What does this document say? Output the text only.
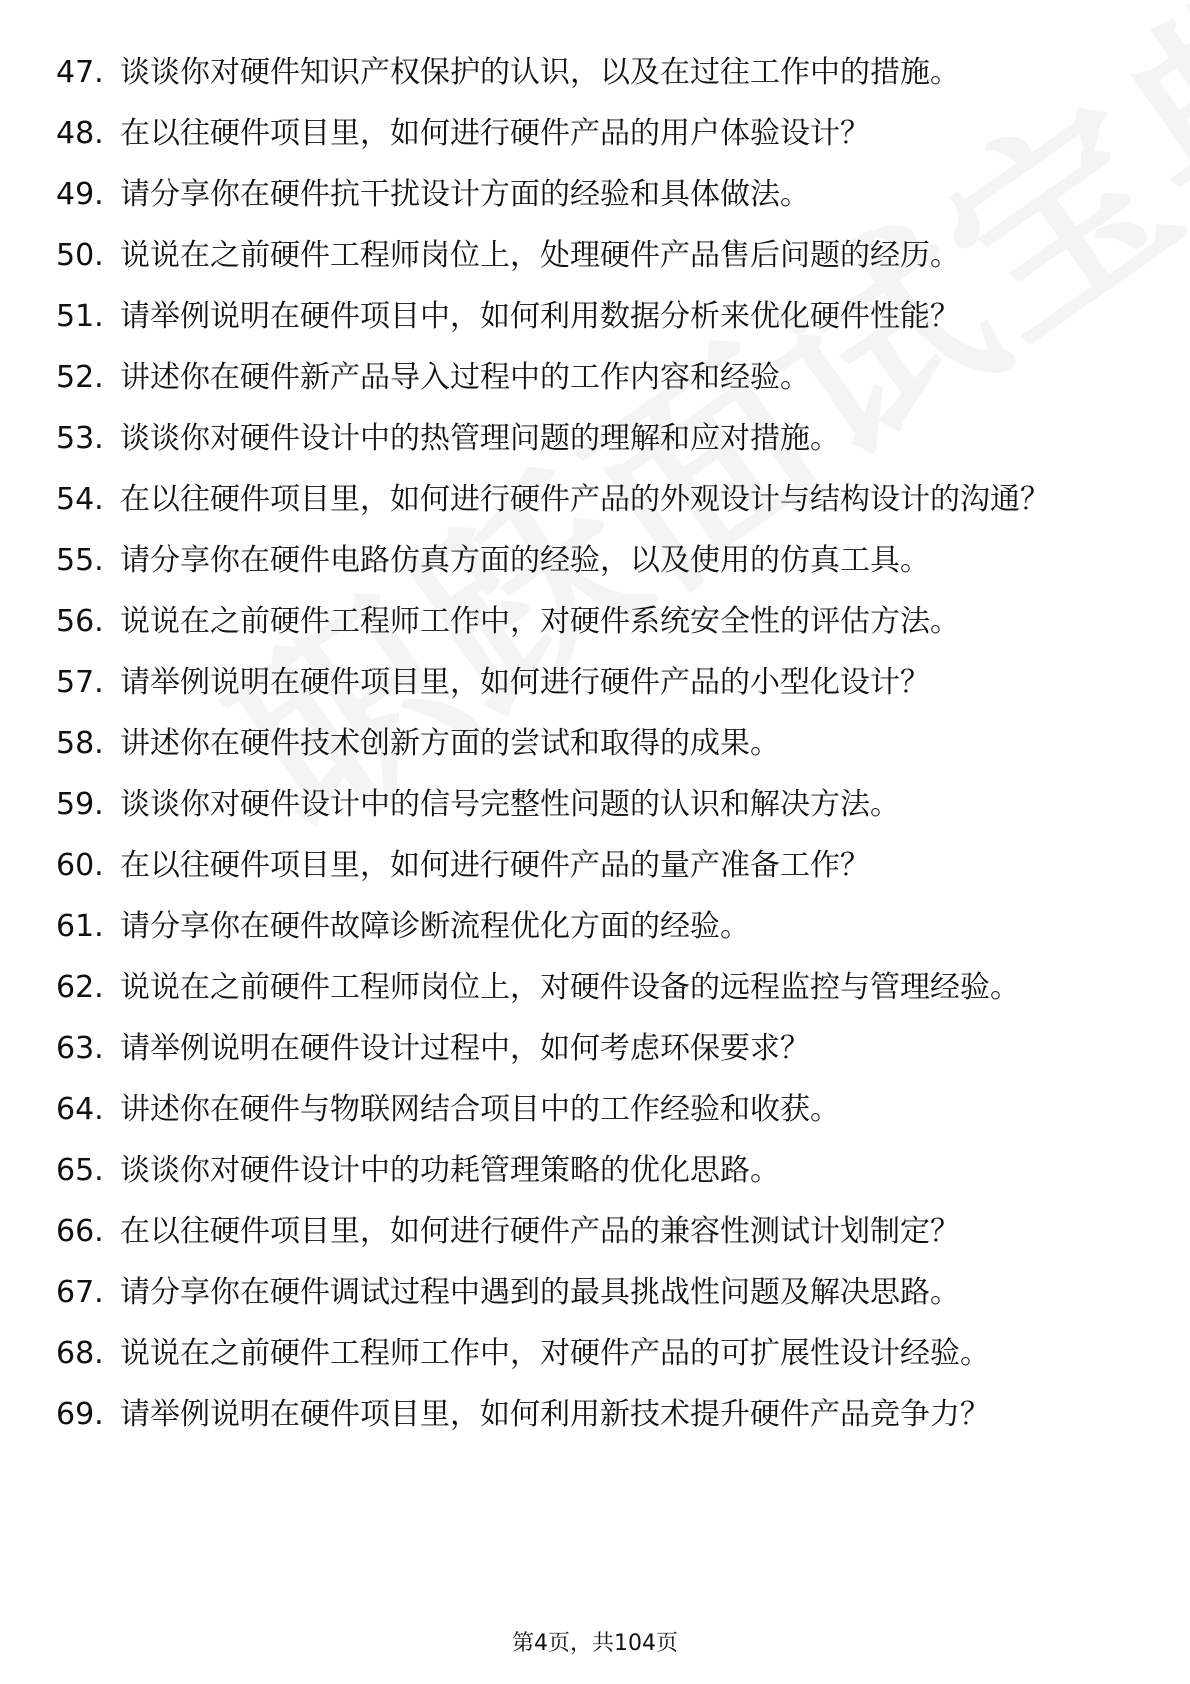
47. 谈谈你对硬件知识产权保护的认识，以及在过往工作中的措施。
48. 在以往硬件项目里，如何进行硬件产品的用户体验设计？
49. 请分享你在硬件抗干扰设计方面的经验和具体做法。
50. 说说在之前硬件工程师岗位上，处理硬件产品售后问题的经历。
51. 请举例说明在硬件项目中，如何利用数据分析来优化硬件性能？
52. 讲述你在硬件新产品导入过程中的工作内容和经验。
53. 谈谈你对硬件设计中的热管理问题的理解和应对措施。
54. 在以往硬件项目里，如何进行硬件产品的外观设计与结构设计的沟通？
55. 请分享你在硬件电路仿真方面的经验，以及使用的仿真工具。
56. 说说在之前硬件工程师工作中，对硬件系统安全性的评估方法。
57. 请举例说明在硬件项目里，如何进行硬件产品的小型化设计？
58. 讲述你在硬件技术创新方面的尝试和取得的成果。
59. 谈谈你对硬件设计中的信号完整性问题的认识和解决方法。
60. 在以往硬件项目里，如何进行硬件产品的量产准备工作？
61. 请分享你在硬件故障诊断流程优化方面的经验。
62. 说说在之前硬件工程师岗位上，对硬件设备的远程监控与管理经验。
63. 请举例说明在硬件设计过程中，如何考虑环保要求？
64. 讲述你在硬件与物联网结合项目中的工作经验和收获。
65. 谈谈你对硬件设计中的功耗管理策略的优化思路。
66. 在以往硬件项目里，如何进行硬件产品的兼容性测试计划制定？
67. 请分享你在硬件调试过程中遇到的最具挑战性问题及解决思路。
68. 说说在之前硬件工程师工作中，对硬件产品的可扩展性设计经验。
69. 请举例说明在硬件项目里，如何利用新技术提升硬件产品竞争力？
第4页，共104页
